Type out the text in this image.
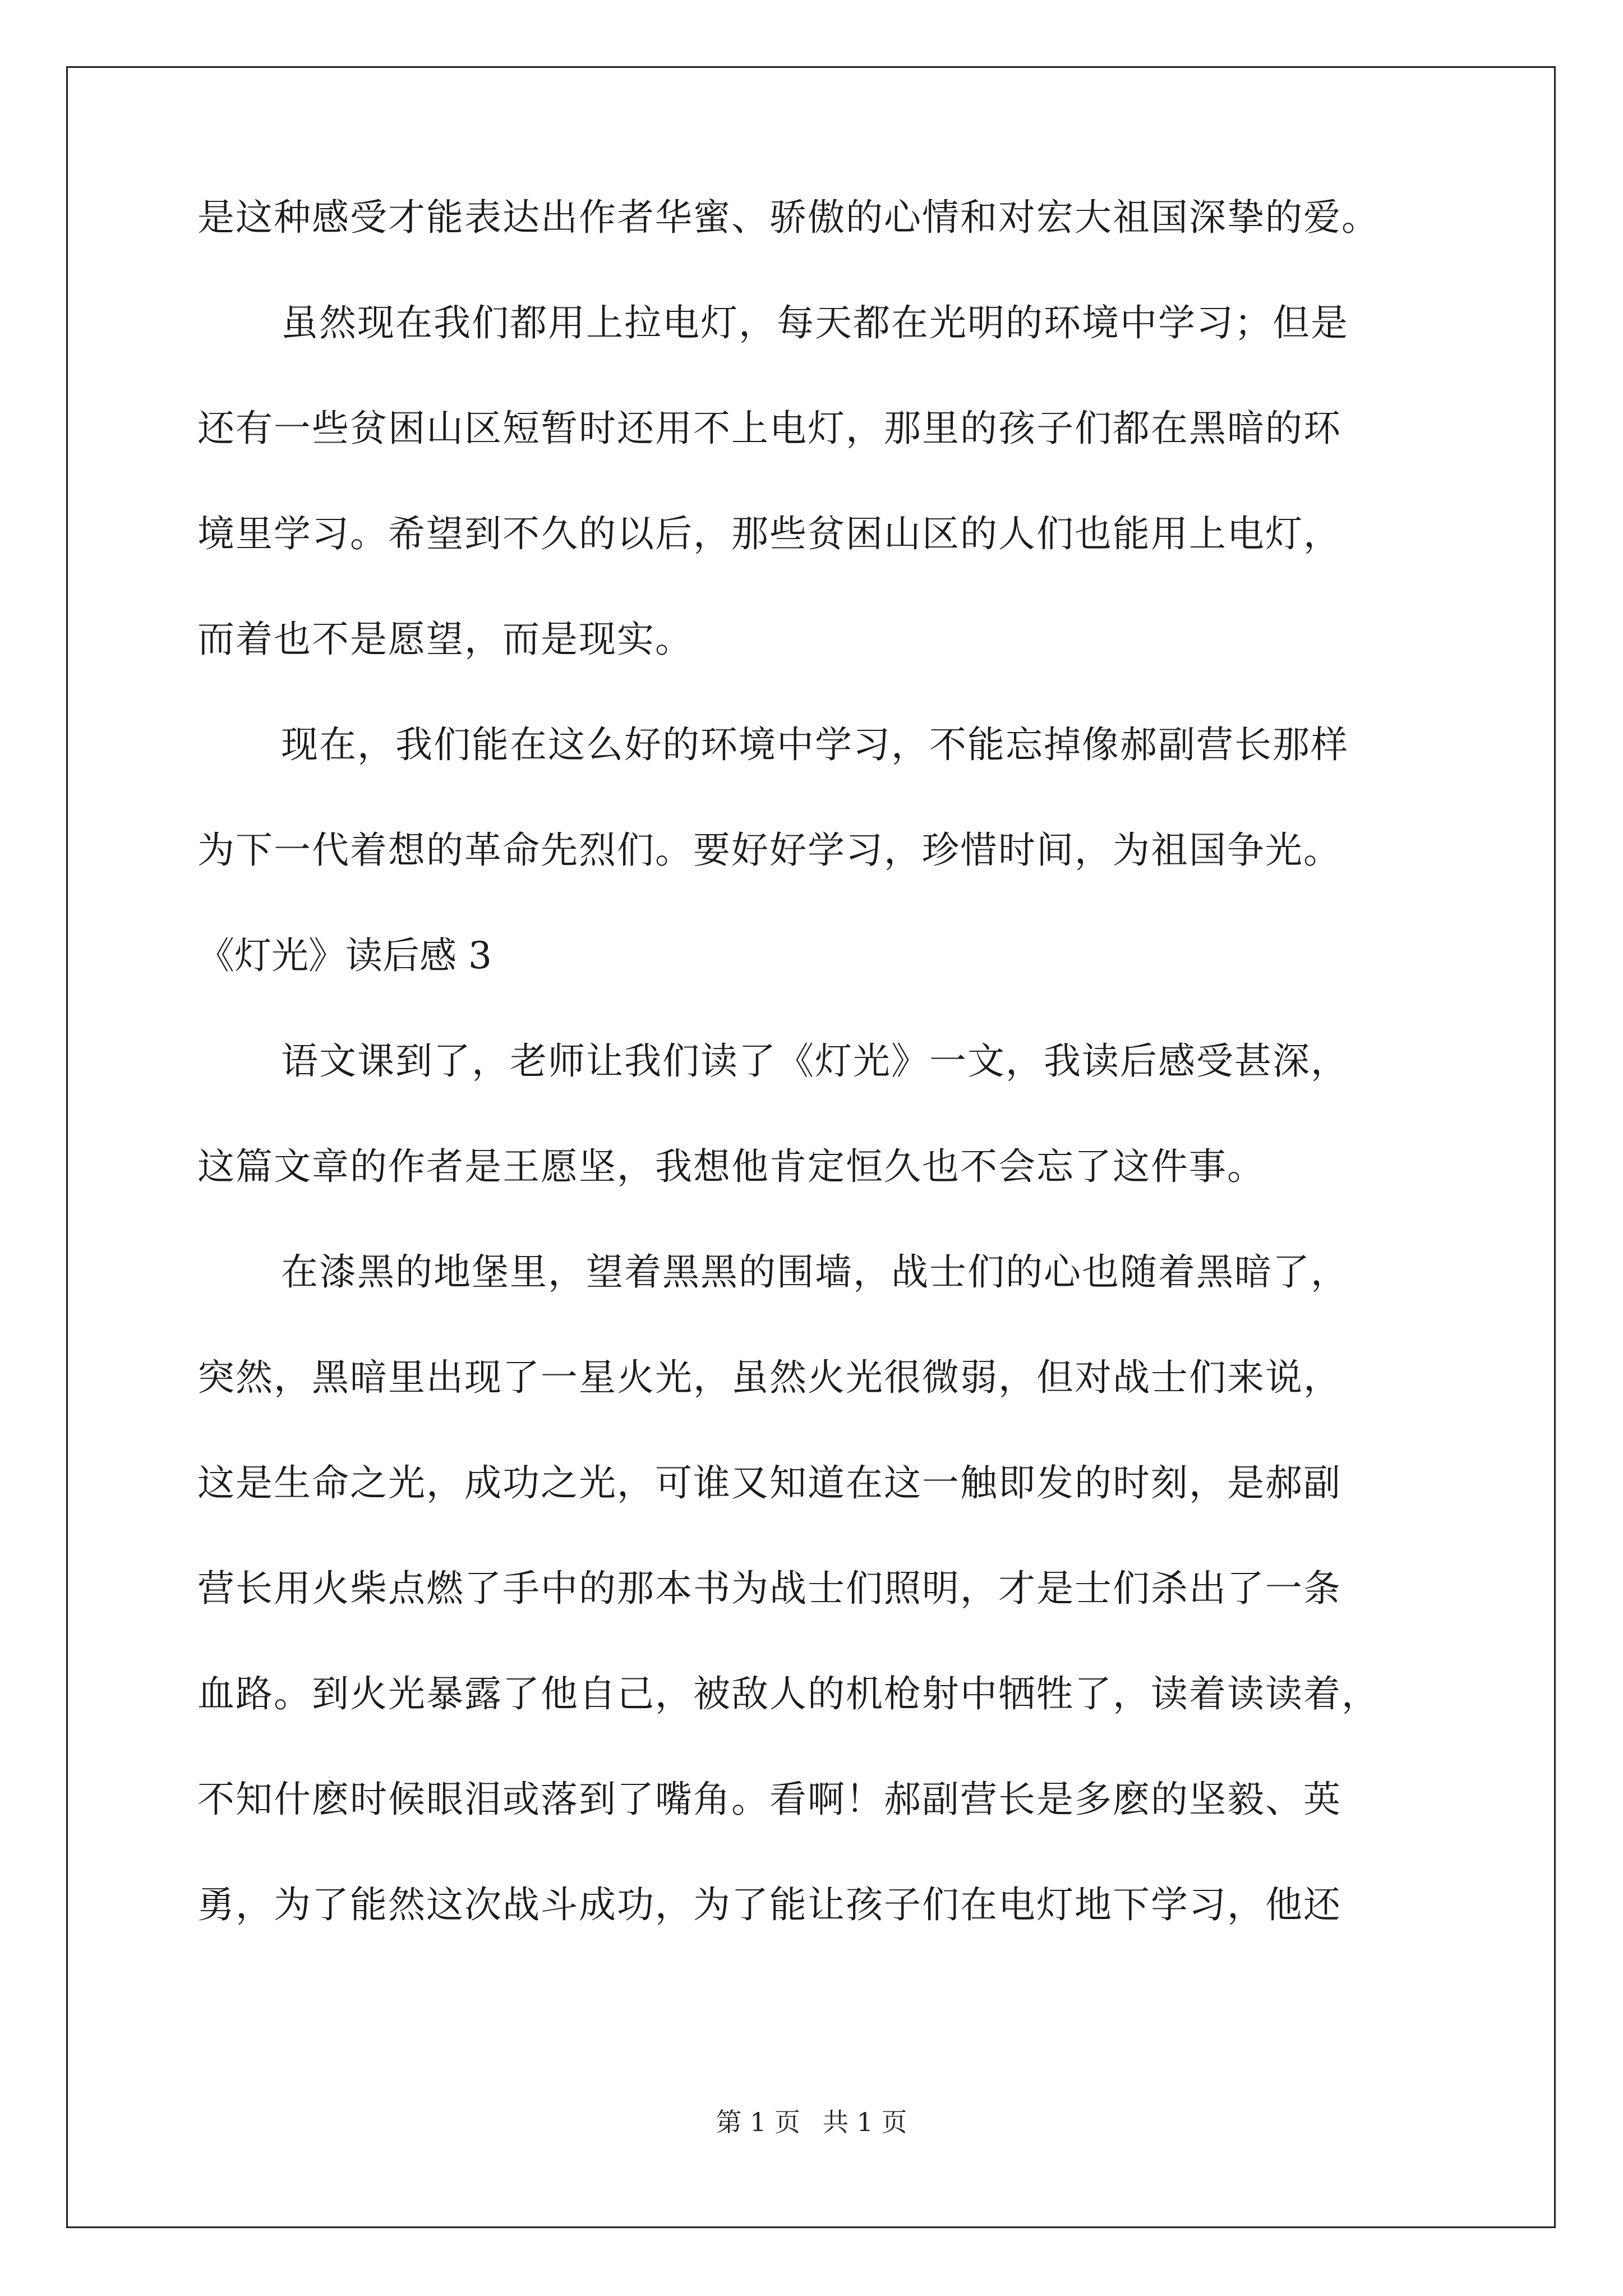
是这种感受才能表达出作者华蜜、骄傲的心情和对宏大祖国深挚的爱。
虽然现在我们都用上拉电灯，每天都在光明的环境中学习；但是
还有一些贫困山区短暂时还用不上电灯，那里的孩子们都在黑暗的环
境里学习。希望到不久的以后，那些贫困山区的人们也能用上电灯，
而着也不是愿望，而是现实。
现在，我们能在这么好的环境中学习，不能忘掉像郝副营长那样
为下一代着想的革命先烈们。要好好学习，珍惜时间，为祖国争光。
《灯光》读后感 3
语文课到了，老师让我们读了《灯光》一文，我读后感受甚深，
这篇文章的作者是王愿坚，我想他肯定恒久也不会忘了这件事。
在漆黑的地堡里，望着黑黑的围墙，战士们的心也随着黑暗了，
突然，黑暗里出现了一星火光，虽然火光很微弱，但对战士们来说，
这是生命之光，成功之光，可谁又知道在这一触即发的时刻，是郝副
营长用火柴点燃了手中的那本书为战士们照明，才是士们杀出了一条
血路。到火光暴露了他自己，被敌人的机枪射中牺牲了，读着读读着，
不知什麽时候眼泪或落到了嘴角。看啊！郝副营长是多麽的坚毅、英
勇，为了能然这次战斗成功，为了能让孩子们在电灯地下学习，他还
第 1 页 共 1 页
